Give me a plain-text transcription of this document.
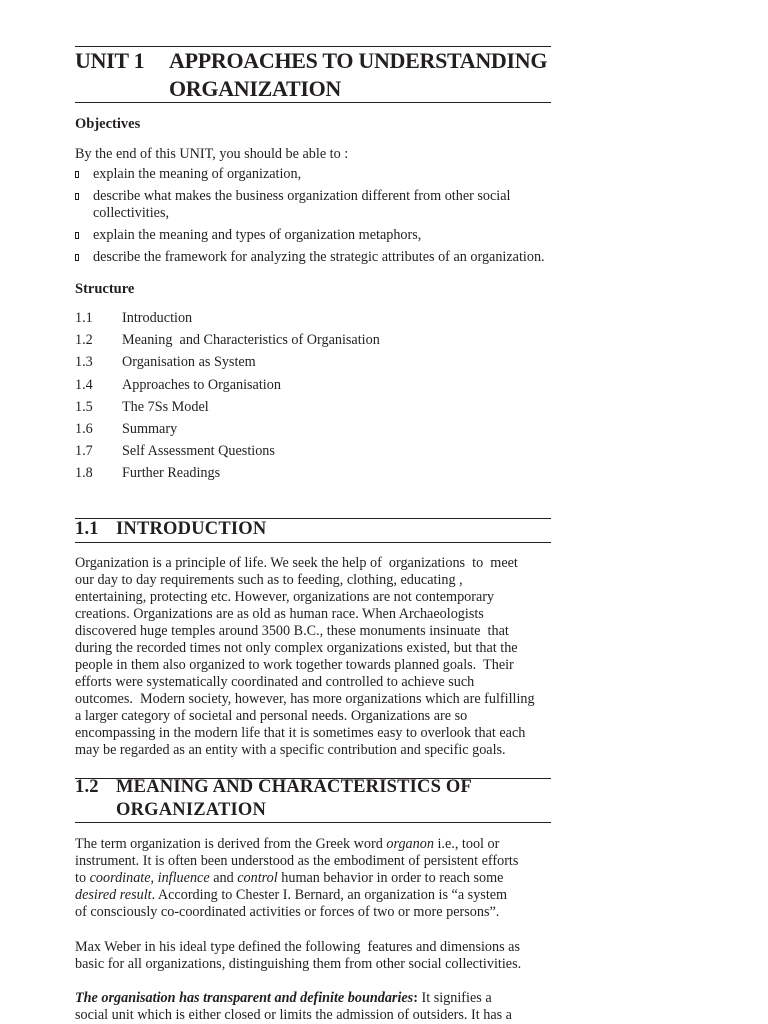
UNIT 1 APPROACHES TO UNDERSTANDING
ORGANIZATION
Objectives
By the end of this UNIT, you should be able to :
explain the meaning of organization,
describe what makes the business organization different from other social
collectivities,
explain the meaning and types of organization metaphors,
describe the framework for analyzing the strategic attributes of an organization.
Structure
1.1 Introduction
1.2 Meaning  and Characteristics of Organisation
1.3 Organisation as System
1.4 Approaches to Organisation
1.5 The 7Ss Model
1.6 Summary
1.7 Self Assessment Questions
1.8 Further Readings
1.1 INTRODUCTION
Organization is a principle of life. We seek the help of  organizations  to  meet
our day to day requirements such as to feeding, clothing, educating ,
entertaining, protecting etc. However, organizations are not contemporary
creations. Organizations are as old as human race. When Archaeologists
discovered huge temples around 3500 B.C., these monuments insinuate  that
during the recorded times not only complex organizations existed, but that the
people in them also organized to work together towards planned goals.  Their
efforts were systematically coordinated and controlled to achieve such
outcomes.  Modern society, however, has more organizations which are fulfilling
a larger category of societal and personal needs. Organizations are so
encompassing in the modern life that it is sometimes easy to overlook that each
may be regarded as an entity with a specific contribution and specific goals.
1.2 MEANING AND CHARACTERISTICS OF
ORGANIZATION
The term organization is derived from the Greek word organon i.e., tool or
instrument. It is often been understood as the embodiment of persistent efforts
to coordinate, influence and control human behavior in order to reach some
desired result. According to Chester I. Bernard, an organization is “a system
of consciously co-coordinated activities or forces of two or more persons”.
Max Weber in his ideal type defined the following  features and dimensions as
basic for all organizations, distinguishing them from other social collectivities.
The organisation has transparent and definite boundaries: It signifies a
social unit which is either closed or limits the admission of outsiders. It has a
